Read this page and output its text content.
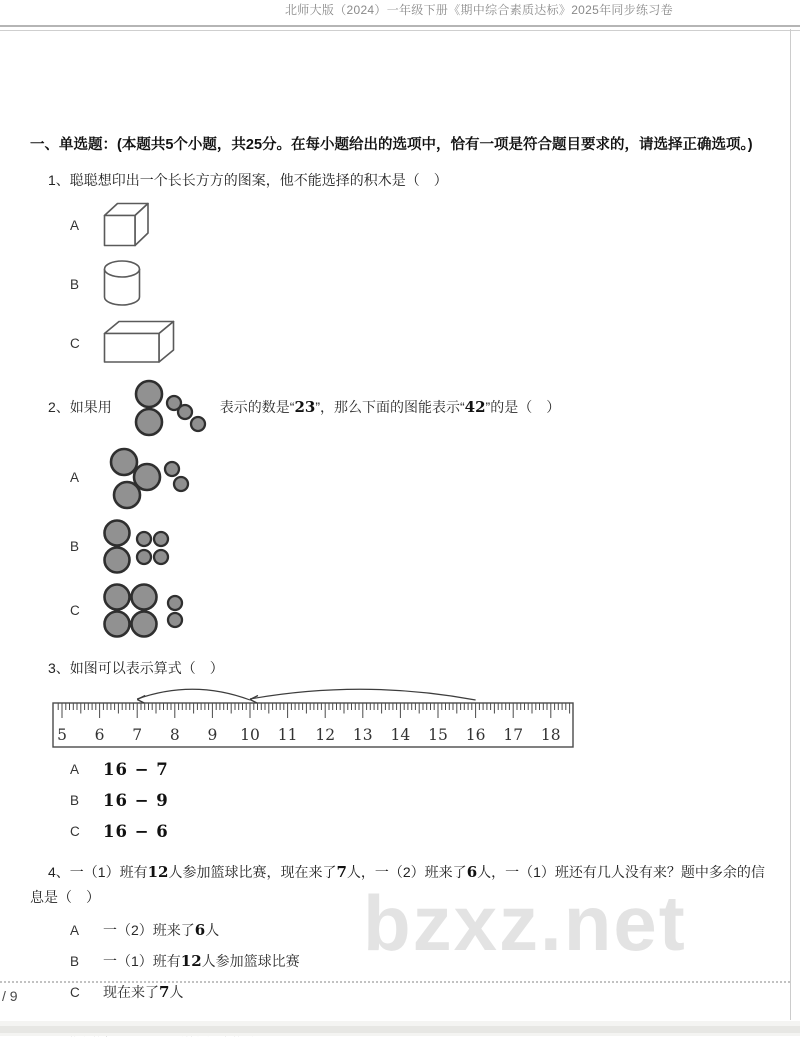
北师大版（2024）一年级下册《期中综合素质达标》2025年同步练习卷
一、单选题：(本题共5个小题，共25分。在每小题给出的选项中，恰有一项是符合题目要求的，请选择正确选项。)
1、聪聪想印出一个长长方方的图案，他不能选择的积木是（　）
A
B
C
2、如果用	表示的数是“23”，那么下面的图能表示“42”的是（　）
A
B
C
3、如图可以表示算式（　）
5 6 7 8 9 10 11 12 13 14 15 16 17 18
A	16 − 7
B	16 − 9
C	16 − 6
4、一（1）班有12人参加篮球比赛，现在来了7人，一（2）班来了6人，一（1）班还有几人没有来？题中多余的信息是（　）
A	一（2）班来了6人
B	一（1）班有12人参加篮球比赛
C	现在来了7人
bzxz.net
/ 9
